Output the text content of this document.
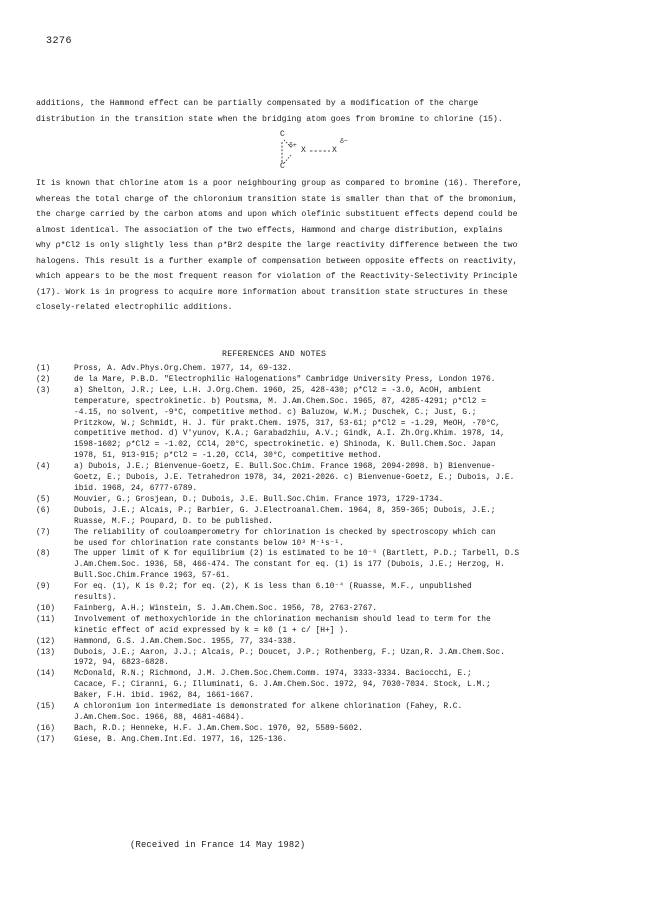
3276
additions, the Hammond effect can be partially compensated by a modification of the charge
distribution in the transition state when the bridging atom goes from bromine to chlorine (15).
C
C
δ+
X	X
δ−
It is known that chlorine atom is a poor neighbouring group as compared to bromine (16). Therefore,
whereas the total charge of the chloronium transition state is smaller than that of the bromonium,
the charge carried by the carbon atoms and upon which olefinic substituent effects depend could be
almost identical. The association of the two effects, Hammond and charge distribution, explains
why ρ*Cl2 is only slightly less than ρ*Br2 despite the large reactivity difference between the two
halogens. This result is a further example of compensation between opposite effects on reactivity,
which appears to be the most frequent reason for violation of the Reactivity-Selectivity Principle
(17). Work is in progress to acquire more information about transition state structures in these
closely-related electrophilic additions.
REFERENCES AND NOTES
(1)	Pross, A. Adv.Phys.Org.Chem. 1977, 14, 69-132.
(2)	de la Mare, P.B.D. "Electrophilic Halogenations" Cambridge University Press, London 1976.
(3)	a) Shelton, J.R.; Lee, L.H. J.Org.Chem. 1960, 25, 428-430; ρ*Cl2 = -3.0, AcOH, ambient
temperature, spectrokinetic. b) Poutsma, M. J.Am.Chem.Soc. 1965, 87, 4285-4291; ρ*Cl2 =
-4.15, no solvent, -9°C, competitive method. c) Baluzow, W.M.; Duschek, C.; Just, G.;
Pritzkow, W.; Schmidt, H. J. für prakt.Chem. 1975, 317, 53-61; ρ*Cl2 = -1.29, MeOH, -70°C,
competitive method. d) V'yunov, K.A.; Garabadzhiu, A.V.; Gindk, A.I. Zh.Org.Khim. 1978, 14,
1598-1602; ρ*Cl2 = -1.02, CCl4, 20°C, spectrokinetic. e) Shinoda, K. Bull.Chem.Soc. Japan
1978, 51, 913-915; ρ*Cl2 = -1.20, CCl4, 30°C, competitive method.
(4)	a) Dubois, J.E.; Bienvenue-Goetz, E. Bull.Soc.Chim. France 1968, 2094-2098. b) Bienvenue-
Goetz, E.; Dubois, J.E. Tetrahedron 1978, 34, 2021-2026. c) Bienvenue-Goetz, E.; Dubois, J.E.
ibid. 1968, 24, 6777-6789.
(5)	Mouvier, G.; Grosjean, D.; Dubois, J.E. Bull.Soc.Chim. France 1973, 1729-1734.
(6)	Dubois, J.E.; Alcais, P.; Barbier, G. J.Electroanal.Chem. 1964, 8, 359-365; Dubois, J.E.;
Ruasse, M.F.; Poupard, D. to be published.
(7)	The reliability of couloamperometry for chlorination is checked by spectroscopy which can
be used for chlorination rate constants below 10³ M⁻¹s⁻¹.
(8)	The upper limit of K for equilibrium (2) is estimated to be 10⁻⁶ (Bartlett, P.D.; Tarbell, D.S
J.Am.Chem.Soc. 1936, 58, 466-474. The constant for eq. (1) is 177 (Dubois, J.E.; Herzog, H.
Bull.Soc.Chim.France 1963, 57-61.
(9)	For eq. (1), K is 0.2; for eq. (2), K is less than 6.10⁻⁴ (Ruasse, M.F., unpublished
results).
(10)	Fainberg, A.H.; Winstein, S. J.Am.Chem.Soc. 1956, 78, 2763-2767.
(11)	Involvement of methoxychloride in the chlorination mechanism should lead to term for the
kinetic effect of acid expressed by k = k0 (1 + c/ [H+] ).
(12)	Hammond, G.S. J.Am.Chem.Soc. 1955, 77, 334-338.
(13)	Dubois, J.E.; Aaron, J.J.; Alcais, P.; Doucet, J.P.; Rothenberg, F.; Uzan,R. J.Am.Chem.Soc.
1972, 94, 6823-6828.
(14)	McDonald, R.N.; Richmond, J.M. J.Chem.Soc.Chem.Comm. 1974, 3333-3334. Baciocchi, E.;
Cacace, F.; Ciranni, G.; Illuminati, G. J.Am.Chem.Soc. 1972, 94, 7030-7034. Stock, L.M.;
Baker, F.H. ibid. 1962, 84, 1661-1667.
(15)	A chloronium ion intermediate is demonstrated for alkene chlorination (Fahey, R.C.
J.Am.Chem.Soc. 1966, 88, 4681-4684).
(16)	Bach, R.D.; Henneke, H.F. J.Am.Chem.Soc. 1970, 92, 5589-5602.
(17)	Giese, B. Ang.Chem.Int.Ed. 1977, 16, 125-136.
(Received in France 14 May 1982)
